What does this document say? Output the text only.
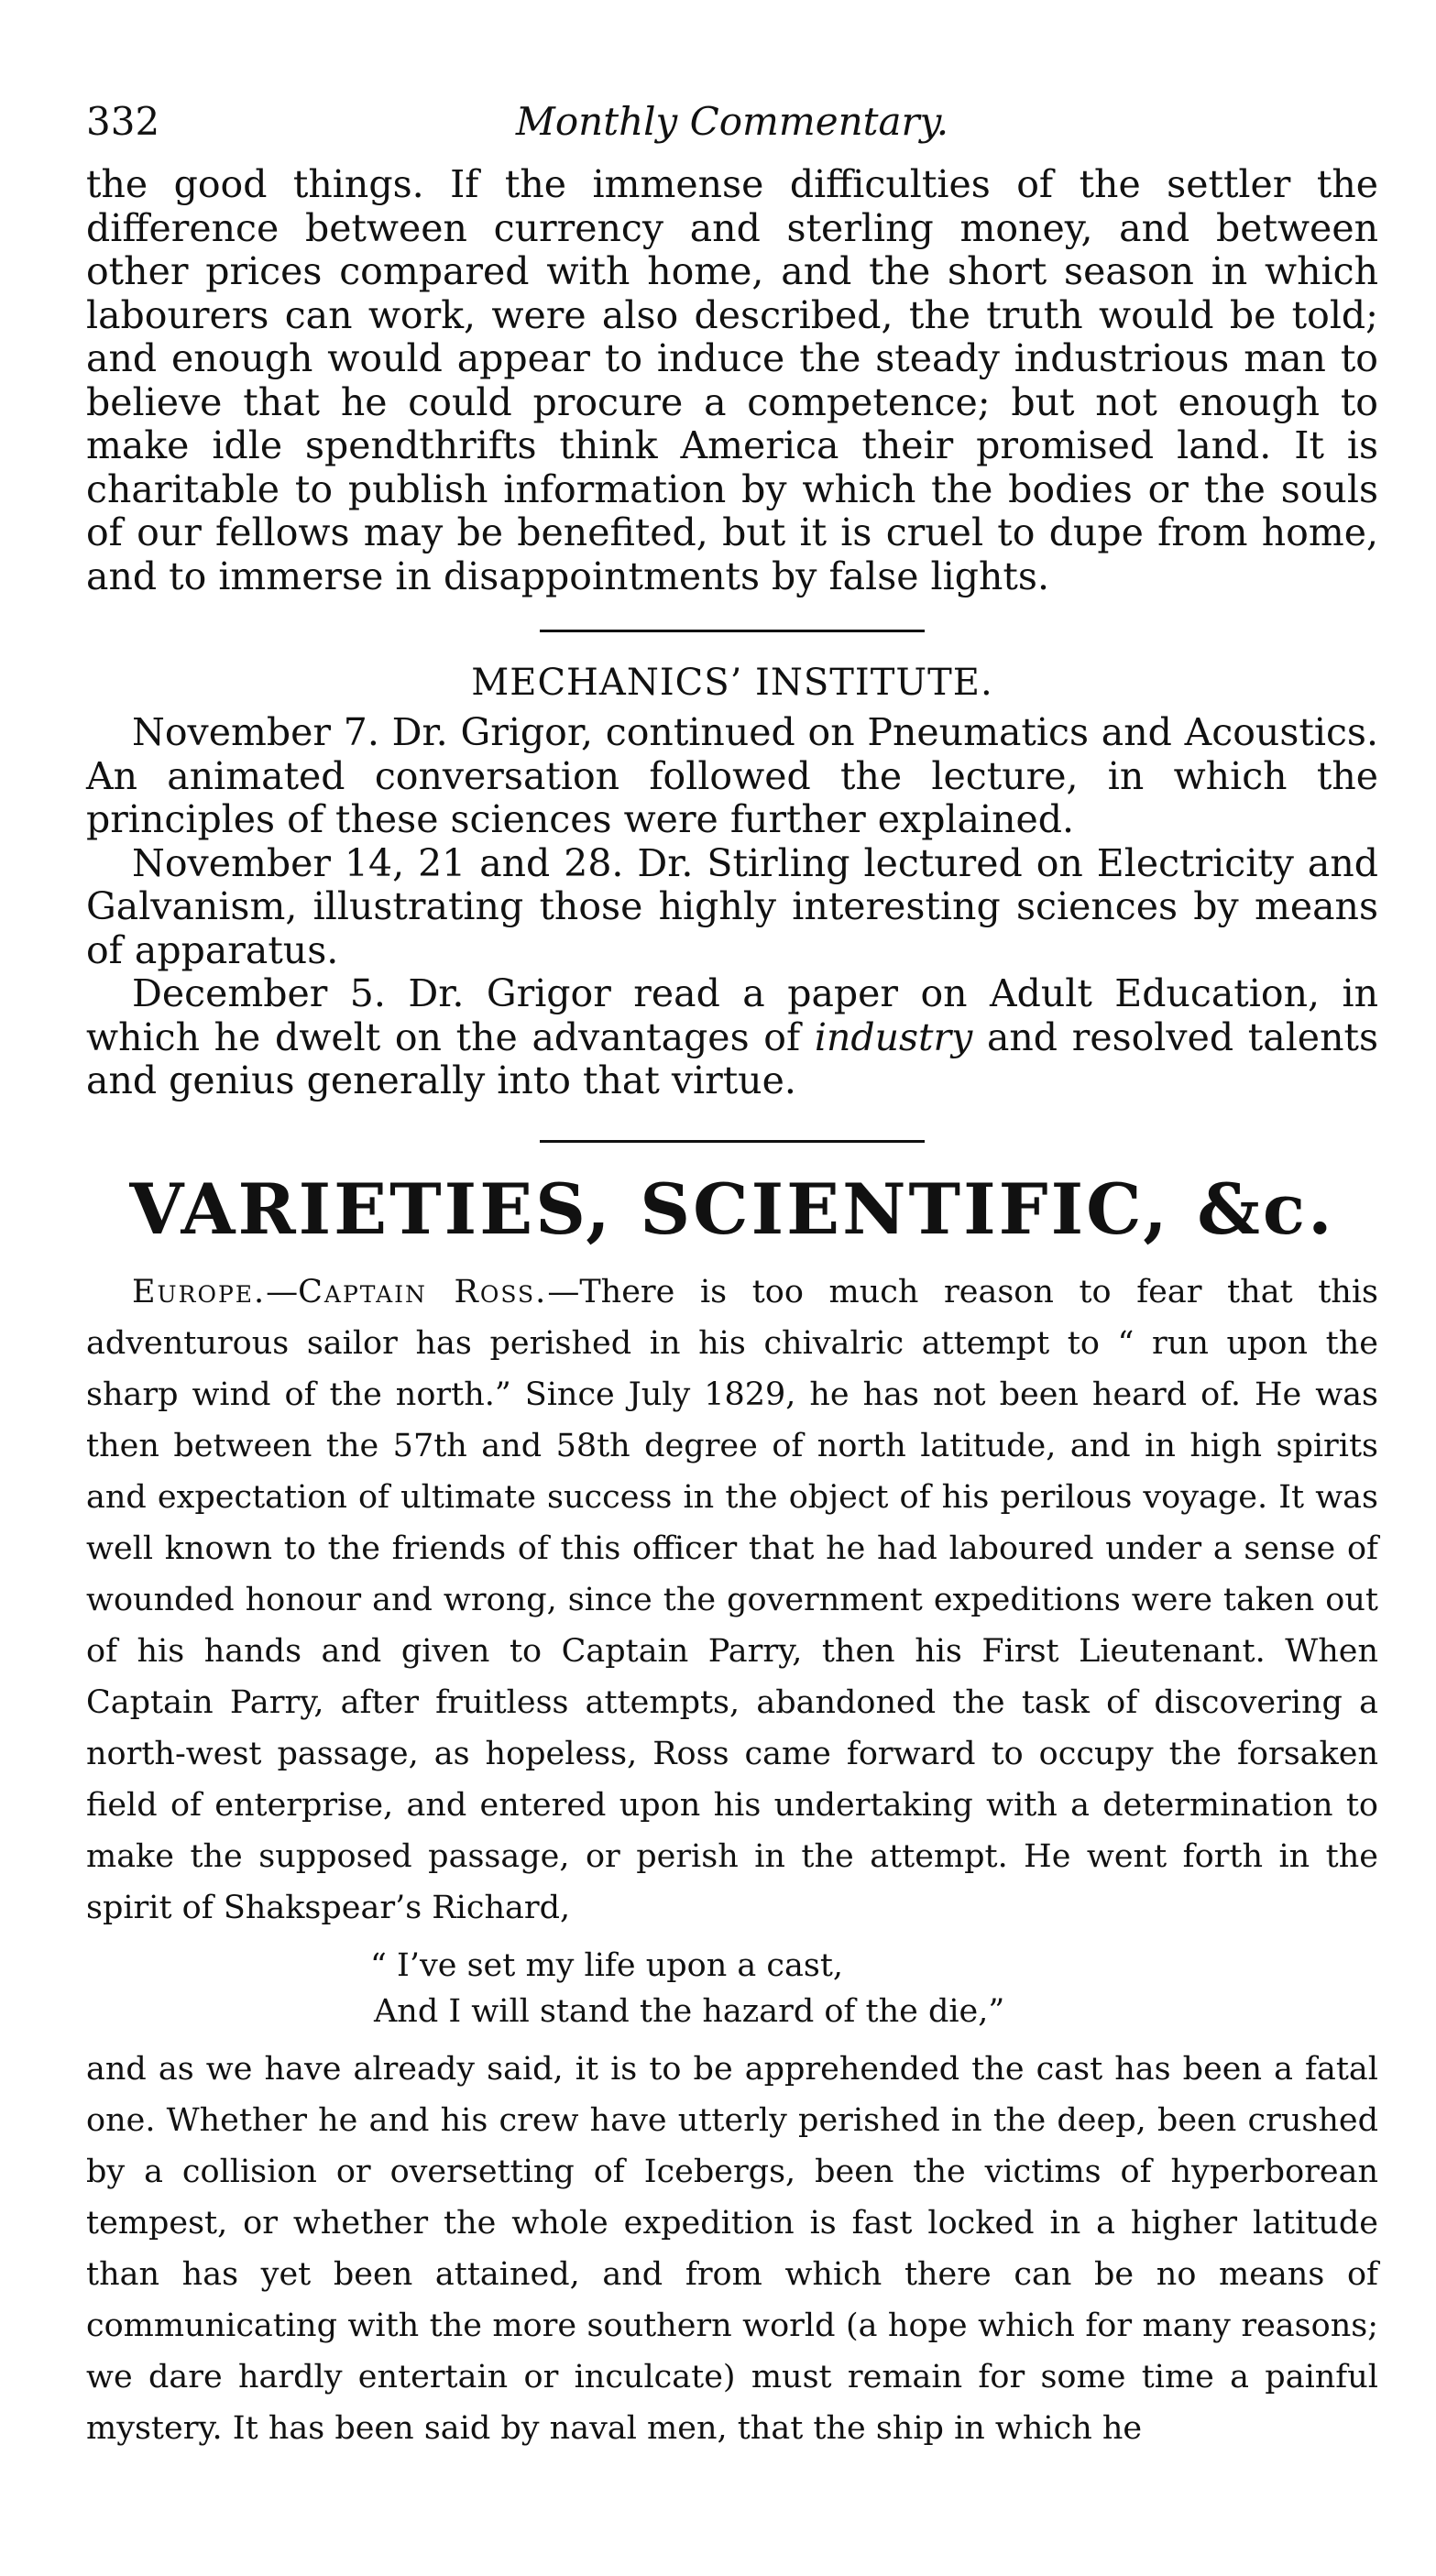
332	Monthly Commentary.

the good things. If the immense difficulties of the settler the difference between currency and sterling money, and between other prices compared with home, and the short season in which labourers can work, were also described, the truth would be told; and enough would appear to induce the steady industrious man to believe that he could procure a competence; but not enough to make idle spendthrifts think America their promised land. It is charitable to publish information by which the bodies or the souls of our fellows may be benefited, but it is cruel to dupe from home, and to immerse in disappointments by false lights.

MECHANICS’ INSTITUTE.

November 7. Dr. Grigor, continued on Pneumatics and Acoustics. An animated conversation followed the lecture, in which the principles of these sciences were further explained.

November 14, 21 and 28. Dr. Stirling lectured on Electricity and Galvanism, illustrating those highly interesting sciences by means of apparatus.

December 5. Dr. Grigor read a paper on Adult Education, in which he dwelt on the advantages of industry and resolved talents and genius generally into that virtue.

VARIETIES, SCIENTIFIC, &c.

Europe.—Captain Ross.—There is too much reason to fear that this adventurous sailor has perished in his chivalric attempt to “ run upon the sharp wind of the north.” Since July 1829, he has not been heard of. He was then between the 57th and 58th degree of north latitude, and in high spirits and expectation of ultimate success in the object of his perilous voyage. It was well known to the friends of this officer that he had laboured under a sense of wounded honour and wrong, since the government expeditions were taken out of his hands and given to Captain Parry, then his First Lieutenant. When Captain Parry, after fruitless attempts, abandoned the task of discovering a north-west passage, as hopeless, Ross came forward to occupy the forsaken field of enterprise, and entered upon his undertaking with a determination to make the supposed passage, or perish in the attempt. He went forth in the spirit of Shakspear’s Richard,

“ I’ve set my life upon a cast,
And I will stand the hazard of the die,”

and as we have already said, it is to be apprehended the cast has been a fatal one. Whether he and his crew have utterly perished in the deep, been crushed by a collision or oversetting of Icebergs, been the victims of hyperborean tempest, or whether the whole expedition is fast locked in a higher latitude than has yet been attained, and from which there can be no means of communicating with the more southern world (a hope which for many reasons; we dare hardly entertain or inculcate) must remain for some time a painful mystery. It has been said by naval men, that the ship in which he
